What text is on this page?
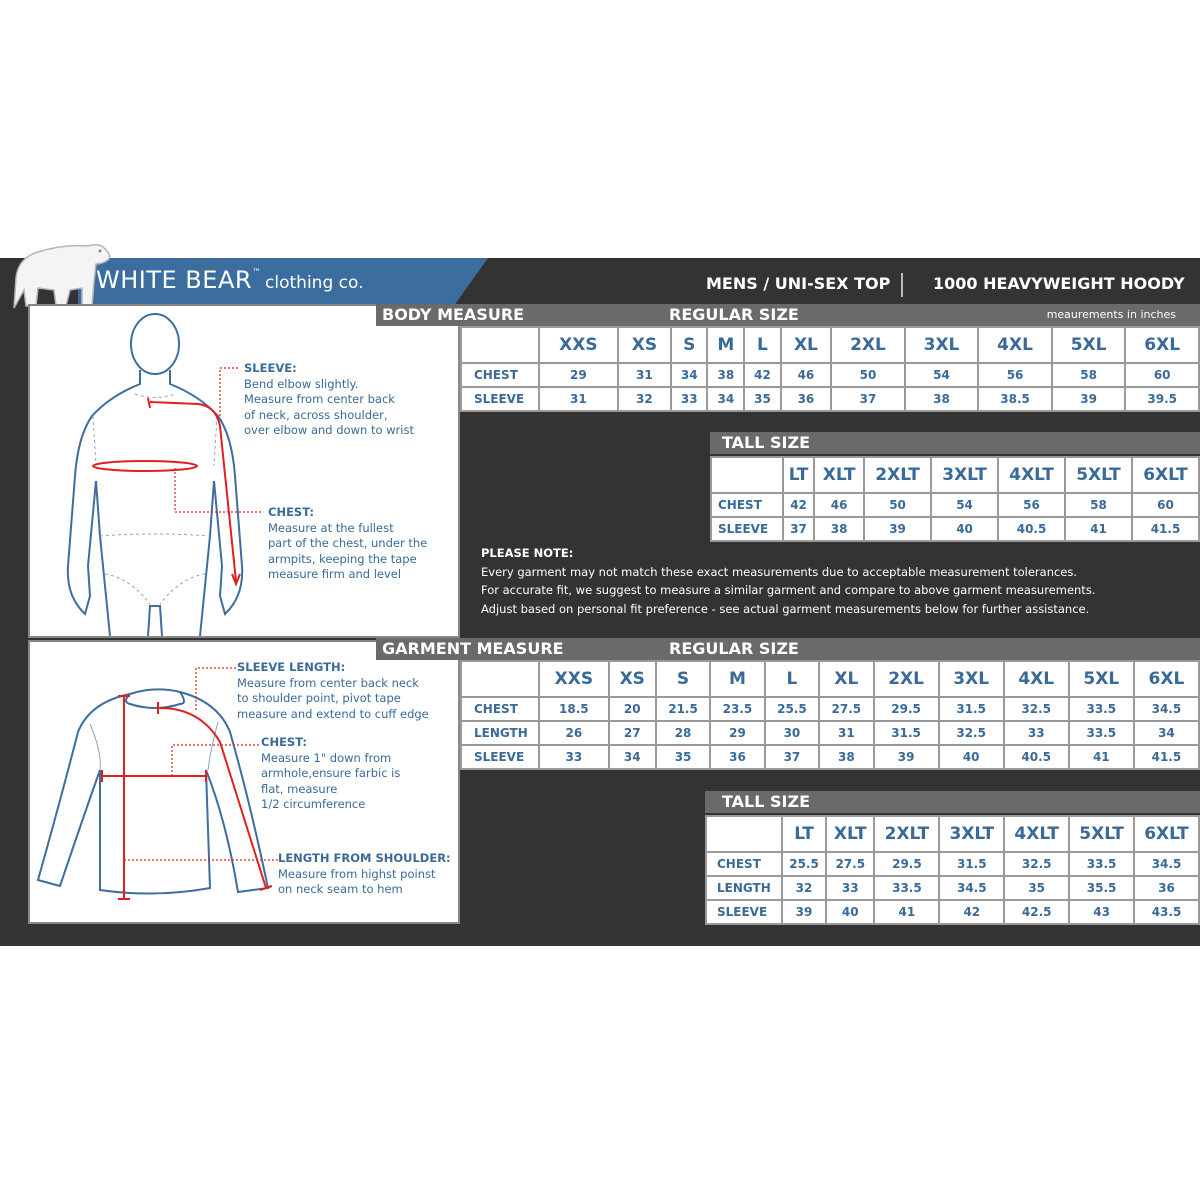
WHITE BEAR™ clothing co.	MENS / UNI-SEX TOP	1000 HEAVYWEIGHT HOODY
SLEEVE:
Bend elbow slightly.
Measure from center back
of neck, across shoulder,
over elbow and down to wrist
CHEST:
Measure at the fullest
part of the chest, under the
armpits, keeping the tape
measure firm and level
BODY MEASURE	REGULAR SIZE	meaurements in inches
	XXS	XS	S	M	L	XL	2XL	3XL	4XL	5XL	6XL
CHEST	29	31	34	38	42	46	50	54	56	58	60
SLEEVE	31	32	33	34	35	36	37	38	38.5	39	39.5
TALL SIZE
	LT	XLT	2XLT	3XLT	4XLT	5XLT	6XLT
CHEST	42	46	50	54	56	58	60
SLEEVE	37	38	39	40	40.5	41	41.5
PLEASE NOTE:
Every garment may not match these exact measurements due to acceptable measurement tolerances.
For accurate fit, we suggest to measure a similar garment and compare to above garment measurements.
Adjust based on personal fit preference - see actual garment measurements below for further assistance.
SLEEVE LENGTH:
Measure from center back neck
to shoulder point, pivot tape
measure and extend to cuff edge
CHEST:
Measure 1" down from
armhole,ensure farbic is
flat, measure
1/2 circumference
LENGTH FROM SHOULDER:
Measure from highst poinst
on neck seam to hem
GARMENT MEASURE	REGULAR SIZE
	XXS	XS	S	M	L	XL	2XL	3XL	4XL	5XL	6XL
CHEST	18.5	20	21.5	23.5	25.5	27.5	29.5	31.5	32.5	33.5	34.5
LENGTH	26	27	28	29	30	31	31.5	32.5	33	33.5	34
SLEEVE	33	34	35	36	37	38	39	40	40.5	41	41.5
TALL SIZE
	LT	XLT	2XLT	3XLT	4XLT	5XLT	6XLT
CHEST	25.5	27.5	29.5	31.5	32.5	33.5	34.5
LENGTH	32	33	33.5	34.5	35	35.5	36
SLEEVE	39	40	41	42	42.5	43	43.5
